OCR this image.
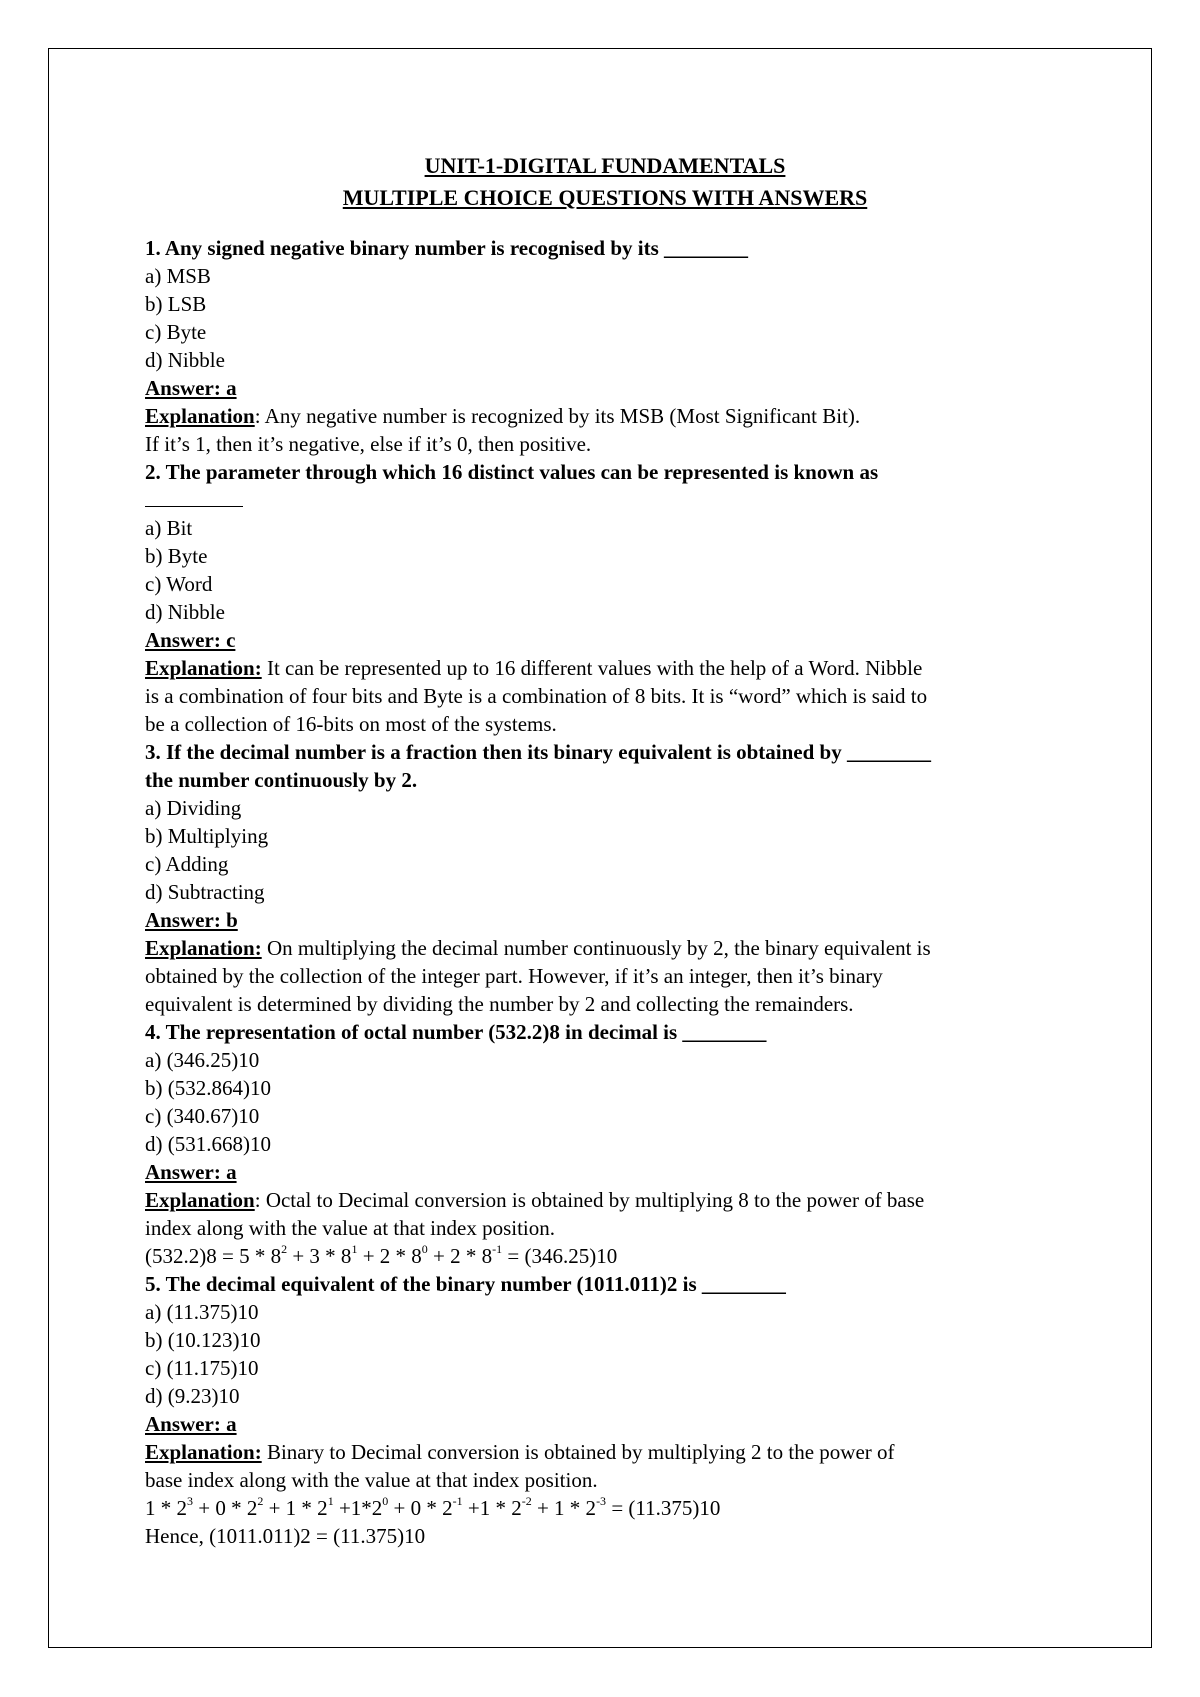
UNIT-1-DIGITAL FUNDAMENTALS

MULTIPLE CHOICE QUESTIONS WITH ANSWERS

1. Any signed negative binary number is recognised by its ________

a) MSB

b) LSB

c) Byte

d) Nibble

Answer: a

Explanation: Any negative number is recognized by its MSB (Most Significant Bit).

If it’s 1, then it’s negative, else if it’s 0, then positive.

2. The parameter through which 16 distinct values can be represented is known as

a) Bit

b) Byte

c) Word

d) Nibble

Answer: c

Explanation: It can be represented up to 16 different values with the help of a Word. Nibble

is a combination of four bits and Byte is a combination of 8 bits. It is “word” which is said to

be a collection of 16-bits on most of the systems.

3. If the decimal number is a fraction then its binary equivalent is obtained by ________

the number continuously by 2.

a) Dividing

b) Multiplying

c) Adding

d) Subtracting

Answer: b

Explanation: On multiplying the decimal number continuously by 2, the binary equivalent is

obtained by the collection of the integer part. However, if it’s an integer, then it’s binary

equivalent is determined by dividing the number by 2 and collecting the remainders.

4. The representation of octal number (532.2)8 in decimal is ________

a) (346.25)10

b) (532.864)10

c) (340.67)10

d) (531.668)10

Answer: a

Explanation: Octal to Decimal conversion is obtained by multiplying 8 to the power of base

index along with the value at that index position.

$(532.2)8 = 5 * 8^2 + 3 * 8^1 + 2 * 8^0 + 2 * 8^{-1} = (346.25)10$

5. The decimal equivalent of the binary number (1011.011)2 is ________

a) (11.375)10

b) (10.123)10

c) (11.175)10

d) (9.23)10

Answer: a

Explanation: Binary to Decimal conversion is obtained by multiplying 2 to the power of

base index along with the value at that index position.

$1 * 2^3 + 0 * 2^2 + 1 * 2^1 +1*2^0 + 0 * 2^{-1} +1 * 2^{-2} + 1 * 2^{-3} = (11.375)10$

Hence, (1011.011)2 = (11.375)10
